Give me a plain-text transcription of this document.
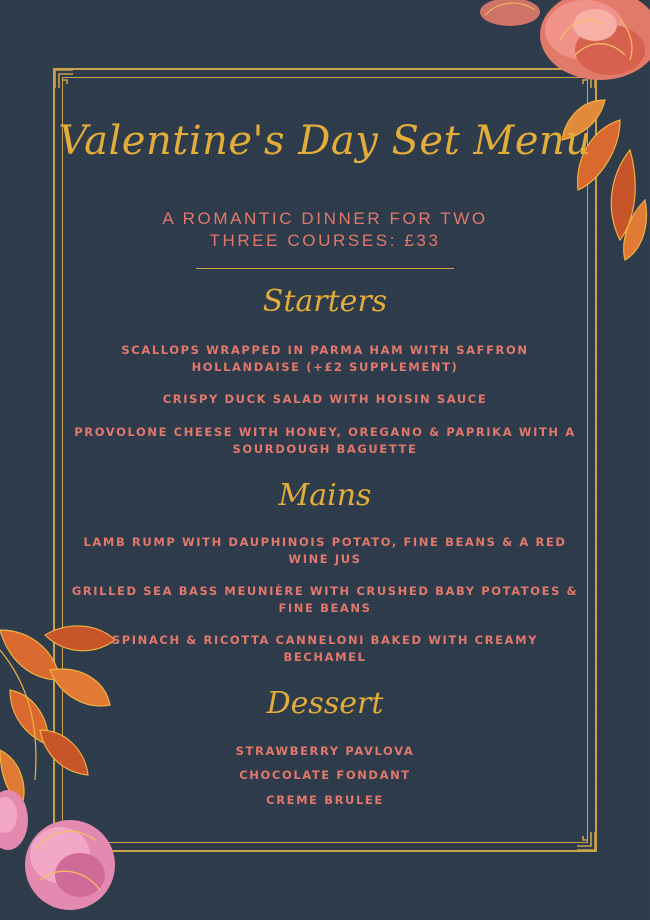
Valentine's Day Set Menu
A ROMANTIC DINNER FOR TWO
THREE COURSES: £33
Starters
SCALLOPS WRAPPED IN PARMA HAM WITH SAFFRON HOLLANDAISE (+£2 SUPPLEMENT)
CRISPY DUCK SALAD WITH HOISIN SAUCE
PROVOLONE CHEESE WITH HONEY, OREGANO & PAPRIKA WITH A SOURDOUGH BAGUETTE
Mains
LAMB RUMP WITH DAUPHINOIS POTATO, FINE BEANS & A RED WINE JUS
GRILLED SEA BASS MEUNIÈRE WITH CRUSHED BABY POTATOES & FINE BEANS
SPINACH & RICOTTA CANNELONI BAKED WITH CREAMY BECHAMEL
Dessert
STRAWBERRY PAVLOVA
CHOCOLATE FONDANT
CREME BRULEE
